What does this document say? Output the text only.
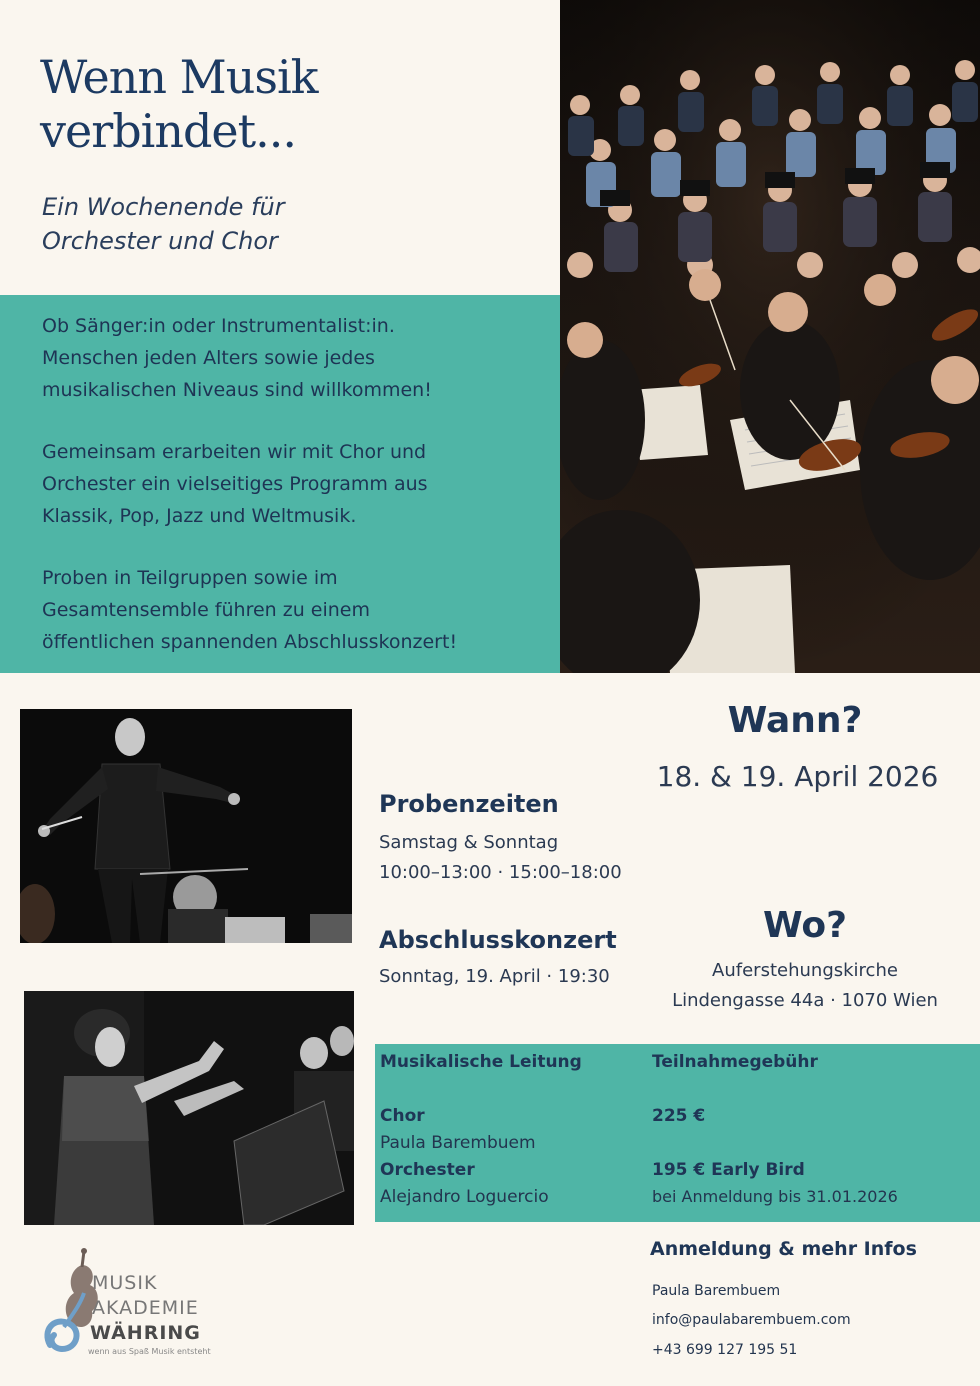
Wenn Musik
verbindet...
Ein Wochenende für
Orchester und Chor
Ob Sänger:in oder Instrumentalist:in.
Menschen jeden Alters sowie jedes
musikalischen Niveaus sind willkommen!
Gemeinsam erarbeiten wir mit Chor und
Orchester ein vielseitiges Programm aus
Klassik, Pop, Jazz und Weltmusik.
Proben in Teilgruppen sowie im
Gesamtensemble führen zu einem
öffentlichen spannenden Abschlusskonzert!
Probenzeiten
Samstag & Sonntag
10:00–13:00 · 15:00–18:00
Abschlusskonzert
Sonntag, 19. April · 19:30
Wann?
18. & 19. April 2026
Wo?
Auferstehungskirche
Lindengasse 44a · 1070 Wien
Musikalische Leitung
Chor
Paula Barembuem
Orchester
Alejandro Loguercio
Teilnahmegebühr
225 €
195 € Early Bird
bei Anmeldung bis 31.01.2026
Anmeldung & mehr Infos
Paula Barembuem
info@paulabarembuem.com
+43 699 127 195 51
MUSIK
AKADEMIE
WÄHRING
wenn aus Spaß Musik entsteht
